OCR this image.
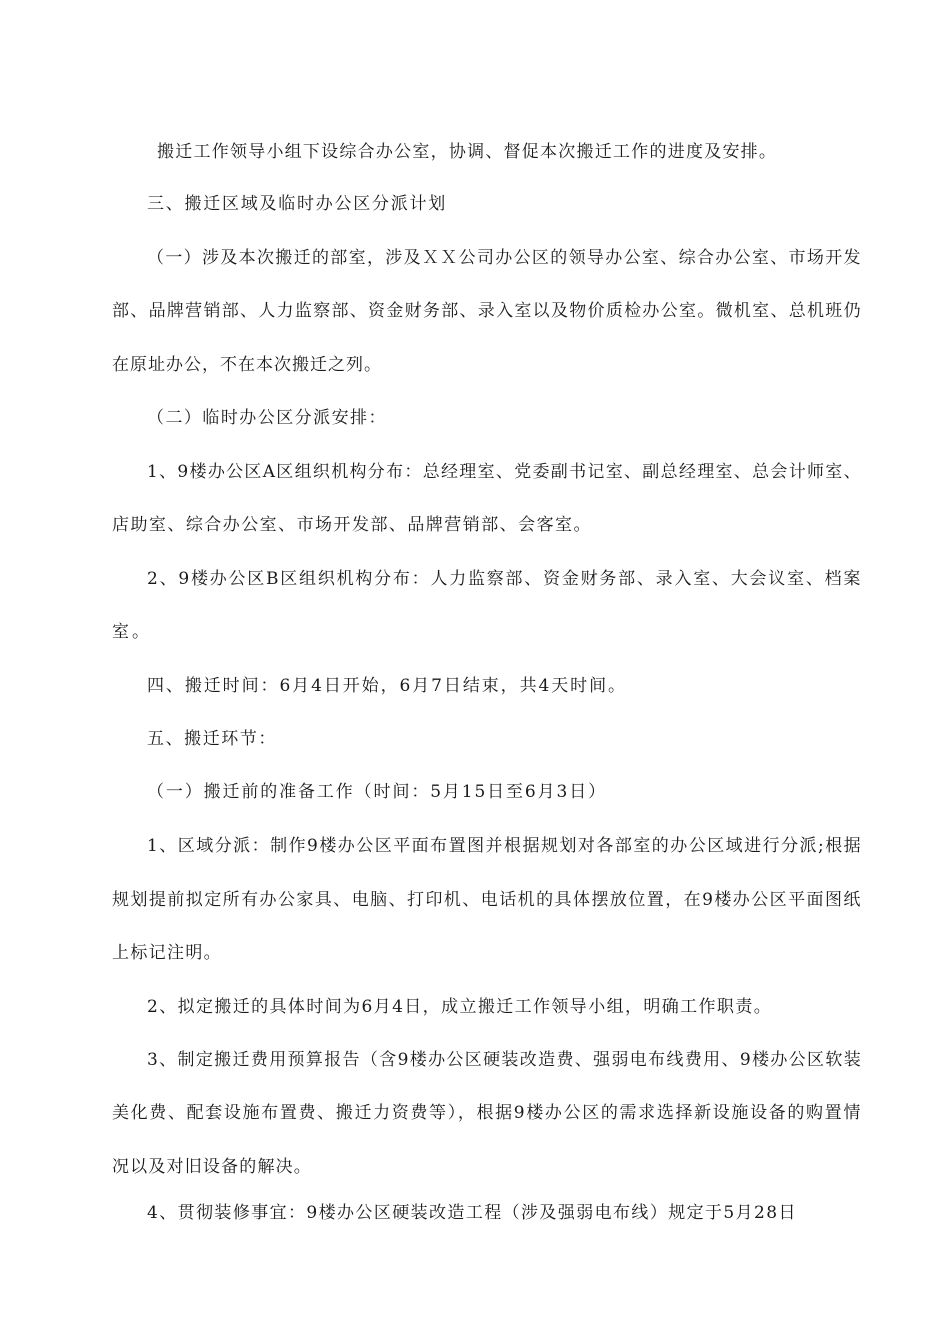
搬迁工作领导小组下设综合办公室，协调、督促本次搬迁工作的进度及安排。

三、搬迁区域及临时办公区分派计划

（一）涉及本次搬迁的部室，涉及ＸＸ公司办公区的领导办公室、综合办公室、市场开发

部、品牌营销部、人力监察部、资金财务部、录入室以及物价质检办公室。微机室、总机班仍

在原址办公，不在本次搬迁之列。

（二）临时办公区分派安排：

1、9楼办公区A区组织机构分布：总经理室、党委副书记室、副总经理室、总会计师室、

店助室、综合办公室、市场开发部、品牌营销部、会客室。

2、9楼办公区B区组织机构分布：人力监察部、资金财务部、录入室、大会议室、档案

室。

四、搬迁时间：6月4日开始，6月7日结束，共4天时间。

五、搬迁环节：

（一）搬迁前的准备工作（时间：5月15日至6月3日）

1、区域分派：制作9楼办公区平面布置图并根据规划对各部室的办公区域进行分派;根据

规划提前拟定所有办公家具、电脑、打印机、电话机的具体摆放位置，在9楼办公区平面图纸

上标记注明。

2、拟定搬迁的具体时间为6月4日，成立搬迁工作领导小组，明确工作职责。

3、制定搬迁费用预算报告（含9楼办公区硬装改造费、强弱电布线费用、9楼办公区软装

美化费、配套设施布置费、搬迁力资费等），根据9楼办公区的需求选择新设施设备的购置情

况以及对旧设备的解决。

4、贯彻装修事宜：9楼办公区硬装改造工程（涉及强弱电布线）规定于5月28日
